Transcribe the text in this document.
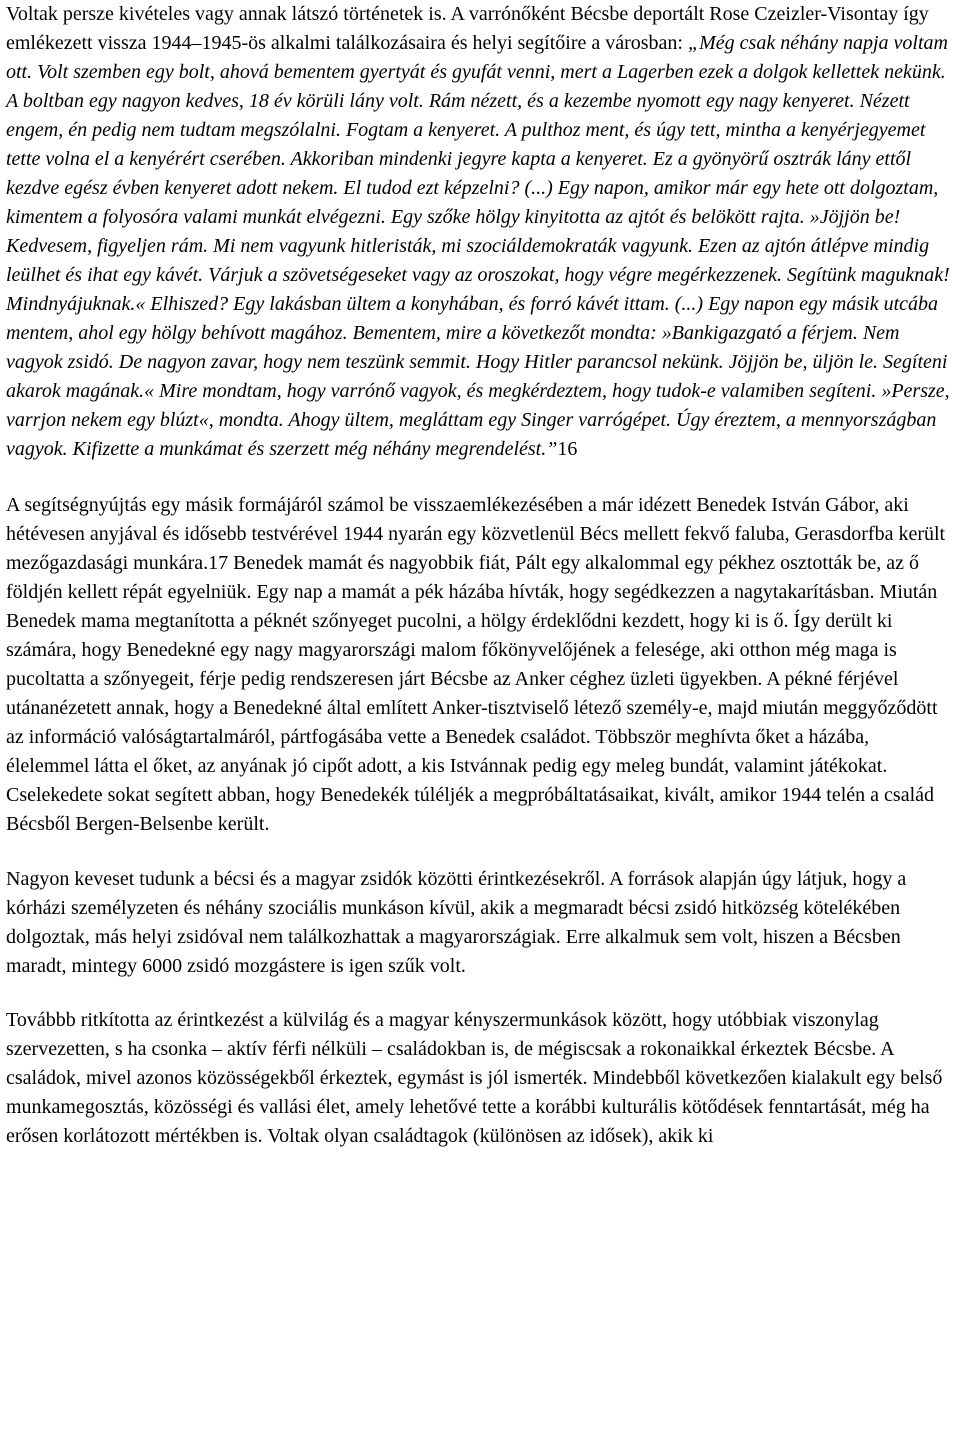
Voltak persze kivételes vagy annak látszó történetek is. A varrónőként Bécsbe deportált Rose Czeizler-Visontay így emlékezett vissza 1944–1945-ös alkalmi találkozásaira és helyi segítőire a városban: „Még csak néhány napja voltam ott. Volt szemben egy bolt, ahová bementem gyertyát és gyufát venni, mert a Lagerben ezek a dolgok kellettek nekünk. A boltban egy nagyon kedves, 18 év körüli lány volt. Rám nézett, és a kezembe nyomott egy nagy kenyeret. Nézett engem, én pedig nem tudtam megszólalni. Fogtam a kenyeret. A pulthoz ment, és úgy tett, mintha a kenyérjegyemet tette volna el a kenyérért cserében. Akkoriban mindenki jegyre kapta a kenyeret. Ez a gyönyörű osztrák lány ettől kezdve egész évben kenyeret adott nekem. El tudod ezt képzelni? (...) Egy napon, amikor már egy hete ott dolgoztam, kimentem a folyosóra valami munkát elvégezni. Egy szőke hölgy kinyitotta az ajtót és belökött rajta. »Jöjjön be! Kedvesem, figyeljen rám. Mi nem vagyunk hitleristák, mi szociáldemokraták vagyunk. Ezen az ajtón átlépve mindig leülhet és ihat egy kávét. Várjuk a szövetségeseket vagy az oroszokat, hogy végre megérkezzenek. Segítünk maguknak! Mindnyájuknak.« Elhiszed? Egy lakásban ültem a konyhában, és forró kávét ittam. (...) Egy napon egy másik utcába mentem, ahol egy hölgy behívott magához. Bementem, mire a következőt mondta: »Bankigazgató a férjem. Nem vagyok zsidó. De nagyon zavar, hogy nem teszünk semmit. Hogy Hitler parancsol nekünk. Jöjjön be, üljön le. Segíteni akarok magának.« Mire mondtam, hogy varrónő vagyok, és megkérdeztem, hogy tudok-e valamiben segíteni. »Persze, varrjon nekem egy blúzt«, mondta. Ahogy ültem, megláttam egy Singer varrógépet. Úgy éreztem, a mennyországban vagyok. Kifizette a munkámat és szerzett még néhány megrendelést.”16

A segítségnyújtás egy másik formájáról számol be visszaemlékezésében a már idézett Benedek István Gábor, aki hétévesen anyjával és idősebb testvérével 1944 nyarán egy közvetlenül Bécs mellett fekvő faluba, Gerasdorfba került mezőgazdasági munkára.17 Benedek mamát és nagyobbik fiát, Pált egy alkalommal egy pékhez osztották be, az ő földjén kellett répát egyelniük. Egy nap a mamát a pék házába hívták, hogy segédkezzen a nagytakarításban. Miután Benedek mama megtanította a péknét szőnyeget pucolni, a hölgy érdeklődni kezdett, hogy ki is ő. Így derült ki számára, hogy Benedekné egy nagy magyarországi malom főkönyvelőjének a felesége, aki otthon még maga is pucoltatta a szőnyegeit, férje pedig rendszeresen járt Bécsbe az Anker céghez üzleti ügyekben. A pékné férjével utánanézetett annak, hogy a Benedekné által említett Anker-tisztviselő létező személy-e, majd miután meggyőződött az információ valóságtartalmáról, pártfogásába vette a Benedek családot. Többször meghívta őket a házába, élelemmel látta el őket, az anyának jó cipőt adott, a kis Istvánnak pedig egy meleg bundát, valamint játékokat. Cselekedete sokat segített abban, hogy Benedekék túléljék a megpróbáltatásaikat, kivált, amikor 1944 telén a család Bécsből Bergen-Belsenbe került.

Nagyon keveset tudunk a bécsi és a magyar zsidók közötti érintkezésekről. A források alapján úgy látjuk, hogy a kórházi személyzeten és néhány szociális munkáson kívül, akik a megmaradt bécsi zsidó hitközség kötelékében dolgoztak, más helyi zsidóval nem találkozhattak a magyarországiak. Erre alkalmuk sem volt, hiszen a Bécsben maradt, mintegy 6000 zsidó mozgástere is igen szűk volt.

Továbbb ritkította az érintkezést a külvilág és a magyar kényszermunkások között, hogy utóbbiak viszonylag szervezetten, s ha csonka – aktív férfi nélküli – családokban is, de mégiscsak a rokonaikkal érkeztek Bécsbe. A családok, mivel azonos közösségekből érkeztek, egymást is jól ismerték. Mindebből következően kialakult egy belső munkamegosztás, közösségi és vallási élet, amely lehetővé tette a korábbi kulturális kötődések fenntartását, még ha erősen korlátozott mértékben is. Voltak olyan családtagok (különösen az idősek), akik ki
